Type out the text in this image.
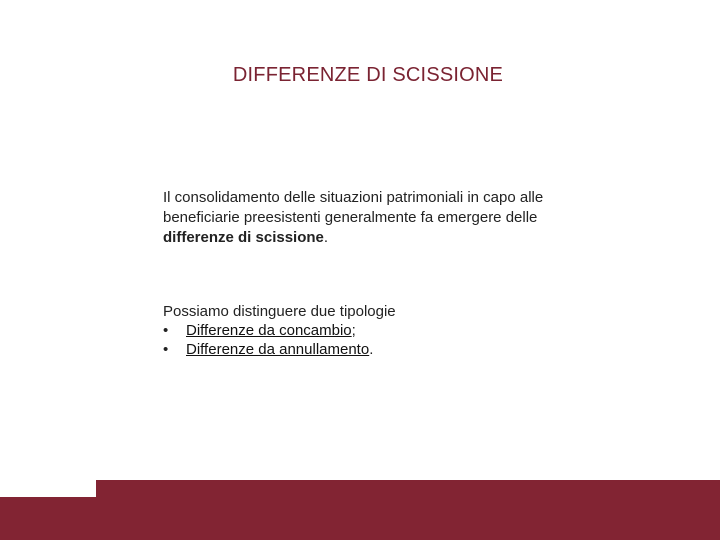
DIFFERENZE DI SCISSIONE
Il consolidamento delle situazioni patrimoniali in capo alle beneficiarie preesistenti generalmente fa emergere delle differenze di scissione.
Possiamo distinguere due tipologie
•	Differenze da concambio ;
•	Differenze da annullamento .
